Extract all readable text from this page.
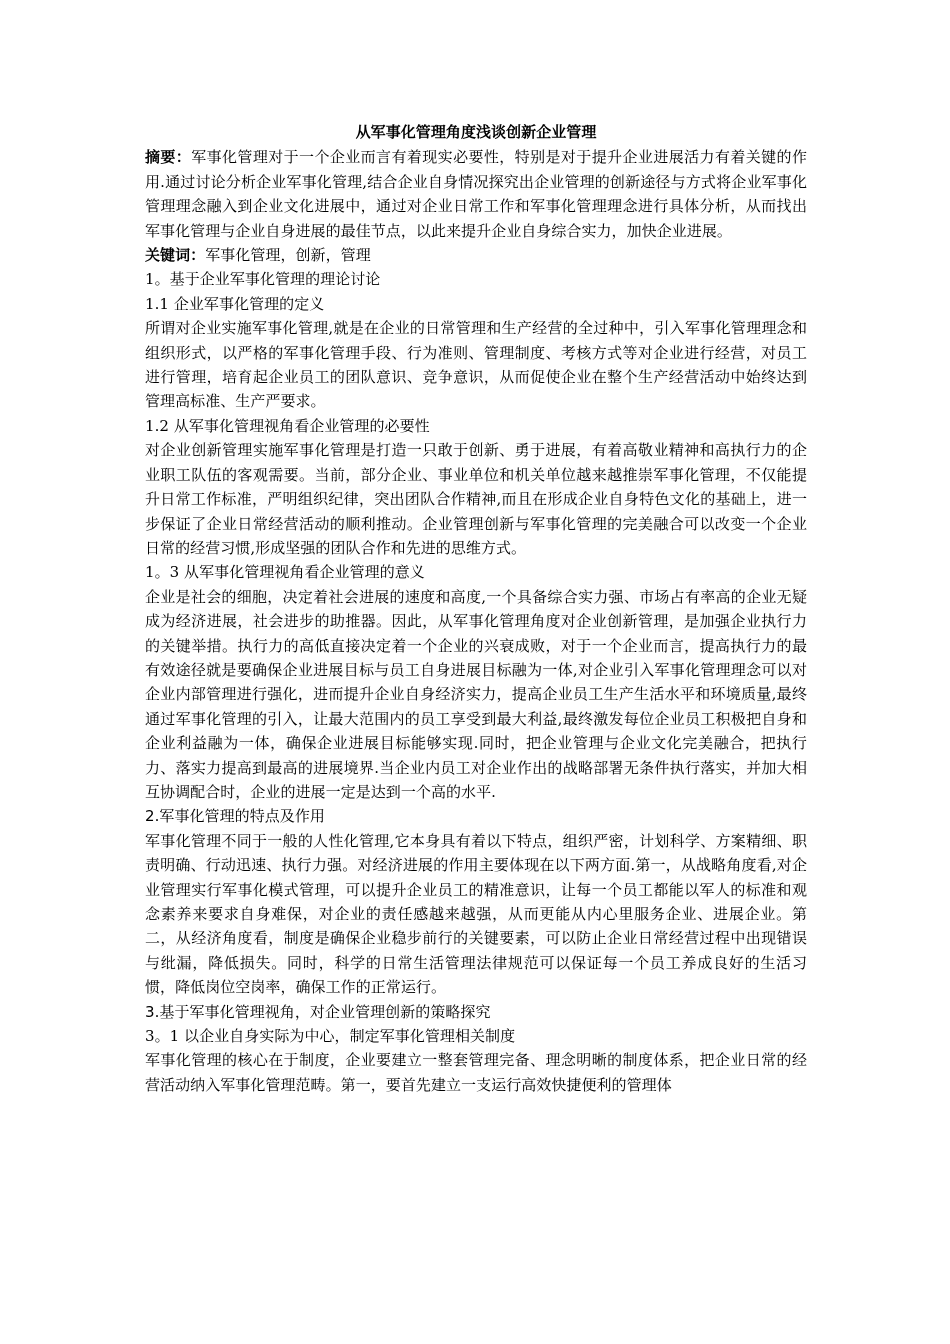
从军事化管理角度浅谈创新企业管理

摘要：军事化管理对于一个企业而言有着现实必要性，特别是对于提升企业进展活力有着关键的作用.通过讨论分析企业军事化管理,结合企业自身情况探究出企业管理的创新途径与方式将企业军事化管理理念融入到企业文化进展中，通过对企业日常工作和军事化管理理念进行具体分析，从而找出军事化管理与企业自身进展的最佳节点，以此来提升企业自身综合实力，加快企业进展。

关键词：军事化管理，创新，管理

1。基于企业军事化管理的理论讨论

1.1 企业军事化管理的定义

所谓对企业实施军事化管理,就是在企业的日常管理和生产经营的全过种中，引入军事化管理理念和组织形式，以严格的军事化管理手段、行为准则、管理制度、考核方式等对企业进行经营，对员工进行管理，培育起企业员工的团队意识、竞争意识，从而促使企业在整个生产经营活动中始终达到管理高标准、生产严要求。

1.2 从军事化管理视角看企业管理的必要性

对企业创新管理实施军事化管理是打造一只敢于创新、勇于进展，有着高敬业精神和高执行力的企业职工队伍的客观需要。当前，部分企业、事业单位和机关单位越来越推崇军事化管理，不仅能提升日常工作标准，严明组织纪律，突出团队合作精神,而且在形成企业自身特色文化的基础上，进一步保证了企业日常经营活动的顺利推动。企业管理创新与军事化管理的完美融合可以改变一个企业日常的经营习惯,形成坚强的团队合作和先进的思维方式。

1。3 从军事化管理视角看企业管理的意义

企业是社会的细胞，决定着社会进展的速度和高度,一个具备综合实力强、市场占有率高的企业无疑成为经济进展，社会进步的助推器。因此，从军事化管理角度对企业创新管理，是加强企业执行力的关键举措。执行力的高低直接决定着一个企业的兴衰成败，对于一个企业而言，提高执行力的最有效途径就是要确保企业进展目标与员工自身进展目标融为一体,对企业引入军事化管理理念可以对企业内部管理进行强化，进而提升企业自身经济实力，提高企业员工生产生活水平和环境质量,最终通过军事化管理的引入，让最大范围内的员工享受到最大利益,最终激发每位企业员工积极把自身和企业利益融为一体，确保企业进展目标能够实现.同时，把企业管理与企业文化完美融合，把执行力、落实力提高到最高的进展境界.当企业内员工对企业作出的战略部署无条件执行落实，并加大相互协调配合时，企业的进展一定是达到一个高的水平.

2.军事化管理的特点及作用

军事化管理不同于一般的人性化管理,它本身具有着以下特点，组织严密，计划科学、方案精细、职责明确、行动迅速、执行力强。对经济进展的作用主要体现在以下两方面.第一，从战略角度看,对企业管理实行军事化模式管理，可以提升企业员工的精准意识，让每一个员工都能以军人的标准和观念素养来要求自身难保，对企业的责任感越来越强，从而更能从内心里服务企业、进展企业。第二，从经济角度看，制度是确保企业稳步前行的关键要素，可以防止企业日常经营过程中出现错误与纰漏，降低损失。同时，科学的日常生活管理法律规范可以保证每一个员工养成良好的生活习惯，降低岗位空岗率，确保工作的正常运行。

3.基于军事化管理视角，对企业管理创新的策略探究

3。1 以企业自身实际为中心，制定军事化管理相关制度

军事化管理的核心在于制度，企业要建立一整套管理完备、理念明晰的制度体系，把企业日常的经营活动纳入军事化管理范畴。第一，要首先建立一支运行高效快捷便利的管理体
